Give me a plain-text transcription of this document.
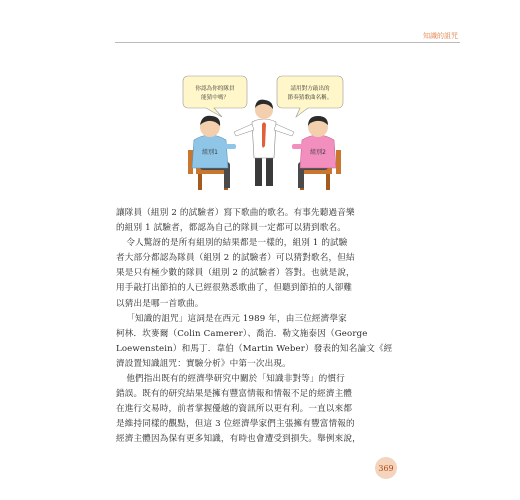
知識的詛咒
你認為你的隊員
能猜中嗎？
請用對方敲出的
節奏猜歌曲名稱。
組別1	組別2

讓隊員（組別 2 的試驗者）寫下歌曲的歌名。有事先聽過音樂
的組別 1 試驗者，都認為自己的隊員一定都可以猜到歌名。

令人驚訝的是所有組別的結果都是一樣的，組別 1 的試驗
者大部分都認為隊員（組別 2 的試驗者）可以猜對歌名，但結
果是只有極少數的隊員（組別 2 的試驗者）答對。也就是說，
用手敲打出節拍的人已經很熟悉歌曲了，但聽到節拍的人卻難
以猜出是哪一首歌曲。

「知識的詛咒」這詞是在西元 1989 年，由三位經濟學家
柯林．坎麥爾（Colin Camerer）、喬治．勒文施泰因（George
Loewenstein）和馬丁．韋伯（Martin Weber）發表的知名論文《經
濟設置知識詛咒：實驗分析》中第一次出現。

他們指出既有的經濟學研究中關於「知識非對等」的慣行
錯誤。既有的研究結果是擁有豐富情報和情報不足的經濟主體
在進行交易時，前者掌握優越的資訊所以更有利。一直以來都
是維持同樣的觀點，但這 3 位經濟學家們主張擁有豐富情報的
經濟主體因為保有更多知識，有時也會遭受到損失。舉例來說，

369
